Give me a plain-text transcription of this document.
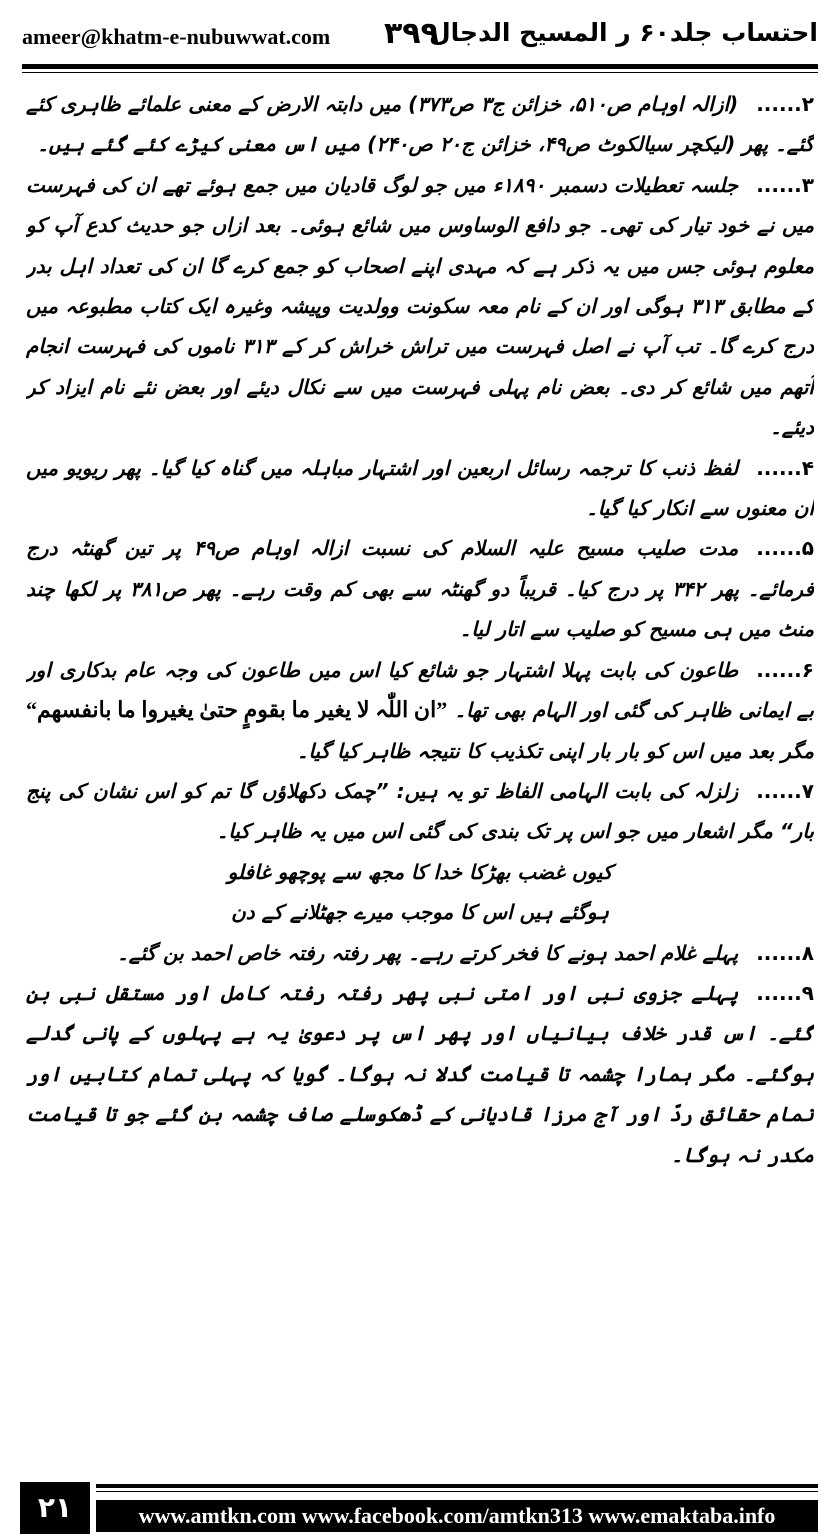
ameer@khatm-e-nubuwwat.com ۳۹۹
احتساب جلد۶۰ ر المسیح الدجال

۲......(ازالہ اوہام ص۵۱۰، خزائن ج۳ ص۳۷۳) میں دابتہ الارض کے معنی علمائے ظاہری کئے گئے۔ پھر (لیکچر سیالکوٹ ص۴۹، خزائن ج۲۰ ص۲۴۰) میں اس معنی کیڑے کئے گئے ہیں۔

۳......جلسہ تعطیلات دسمبر ۱۸۹۰ء میں جو لوگ قادیان میں جمع ہوئے تھے ان کی فہرست میں نے خود تیار کی تھی۔ جو دافع الوساوس میں شائع ہوئی۔ بعد ازاں جو حدیث کدع آپ کو معلوم ہوئی جس میں یہ ذکر ہے کہ مہدی اپنے اصحاب کو جمع کرے گا ان کی تعداد اہل بدر کے مطابق ۳۱۳ ہوگی اور ان کے نام معہ سکونت وولدیت وپیشہ وغیرہ ایک کتاب مطبوعہ میں درج کرے گا۔ تب آپ نے اصل فہرست میں تراش خراش کر کے ۳۱۳ ناموں کی فہرست انجام آتھم میں شائع کر دی۔ بعض نام پہلی فہرست میں سے نکال دیئے اور بعض نئے نام ایزاد کر دیئے۔

۴......لفظ ذنب کا ترجمہ رسائل اربعین اور اشتہار مباہلہ میں گناہ کیا گیا۔ پھر ریویو میں ان معنوں سے انکار کیا گیا۔

۵......مدت صلیب مسیح علیہ السلام کی نسبت ازالہ اوہام ص۴۹ پر تین گھنٹہ درج فرمائے۔ پھر ۳۴۲ پر درج کیا۔ قریباً دو گھنٹہ سے بھی کم وقت رہے۔ پھر ص۳۸۱ پر لکھا چند منٹ میں ہی مسیح کو صلیب سے اتار لیا۔

۶......طاعون کی بابت پہلا اشتہار جو شائع کیا اس میں طاعون کی وجہ عام بدکاری اور بے ایمانی ظاہر کی گئی اور الہام بھی تھا۔ ”ان اللّٰہ لا یغیر ما بقومٍ حتیٰ یغیروا ما بانفسھم“ مگر بعد میں اس کو بار بار اپنی تکذیب کا نتیجہ ظاہر کیا گیا۔

۷......زلزلہ کی بابت الہامی الفاظ تو یہ ہیں: ”چمک دکھلاؤں گا تم کو اس نشان کی پنج بار“ مگر اشعار میں جو اس پر تک بندی کی گئی اس میں یہ ظاہر کیا۔

کیوں غضب بھڑکا خدا کا مجھ سے پوچھو غافلو

ہوگئے ہیں اس کا موجب میرے جھٹلانے کے دن

۸......پہلے غلام احمد ہونے کا فخر کرتے رہے۔ پھر رفتہ رفتہ خاص احمد بن گئے۔

۹......پہلے جزوی نبی اور امتی نبی پھر رفتہ رفتہ کامل اور مستقل نبی بن گئے۔ اس قدر خلاف بیانیاں اور پھر اس پر دعویٰ یہ ہے پہلوں کے پانی گدلے ہوگئے۔ مگر ہمارا چشمہ تا قیامت گدلا نہ ہوگا۔ گویا کہ پہلی تمام کتابیں اور تمام حقائق ردّ اور آج مرزا قادیانی کے ڈھکوسلے صاف چشمہ بن گئے جو تا قیامت مکدر نہ ہوگا۔

۲۱	www.amtkn.com www.facebook.com/amtkn313 www.emaktaba.info
